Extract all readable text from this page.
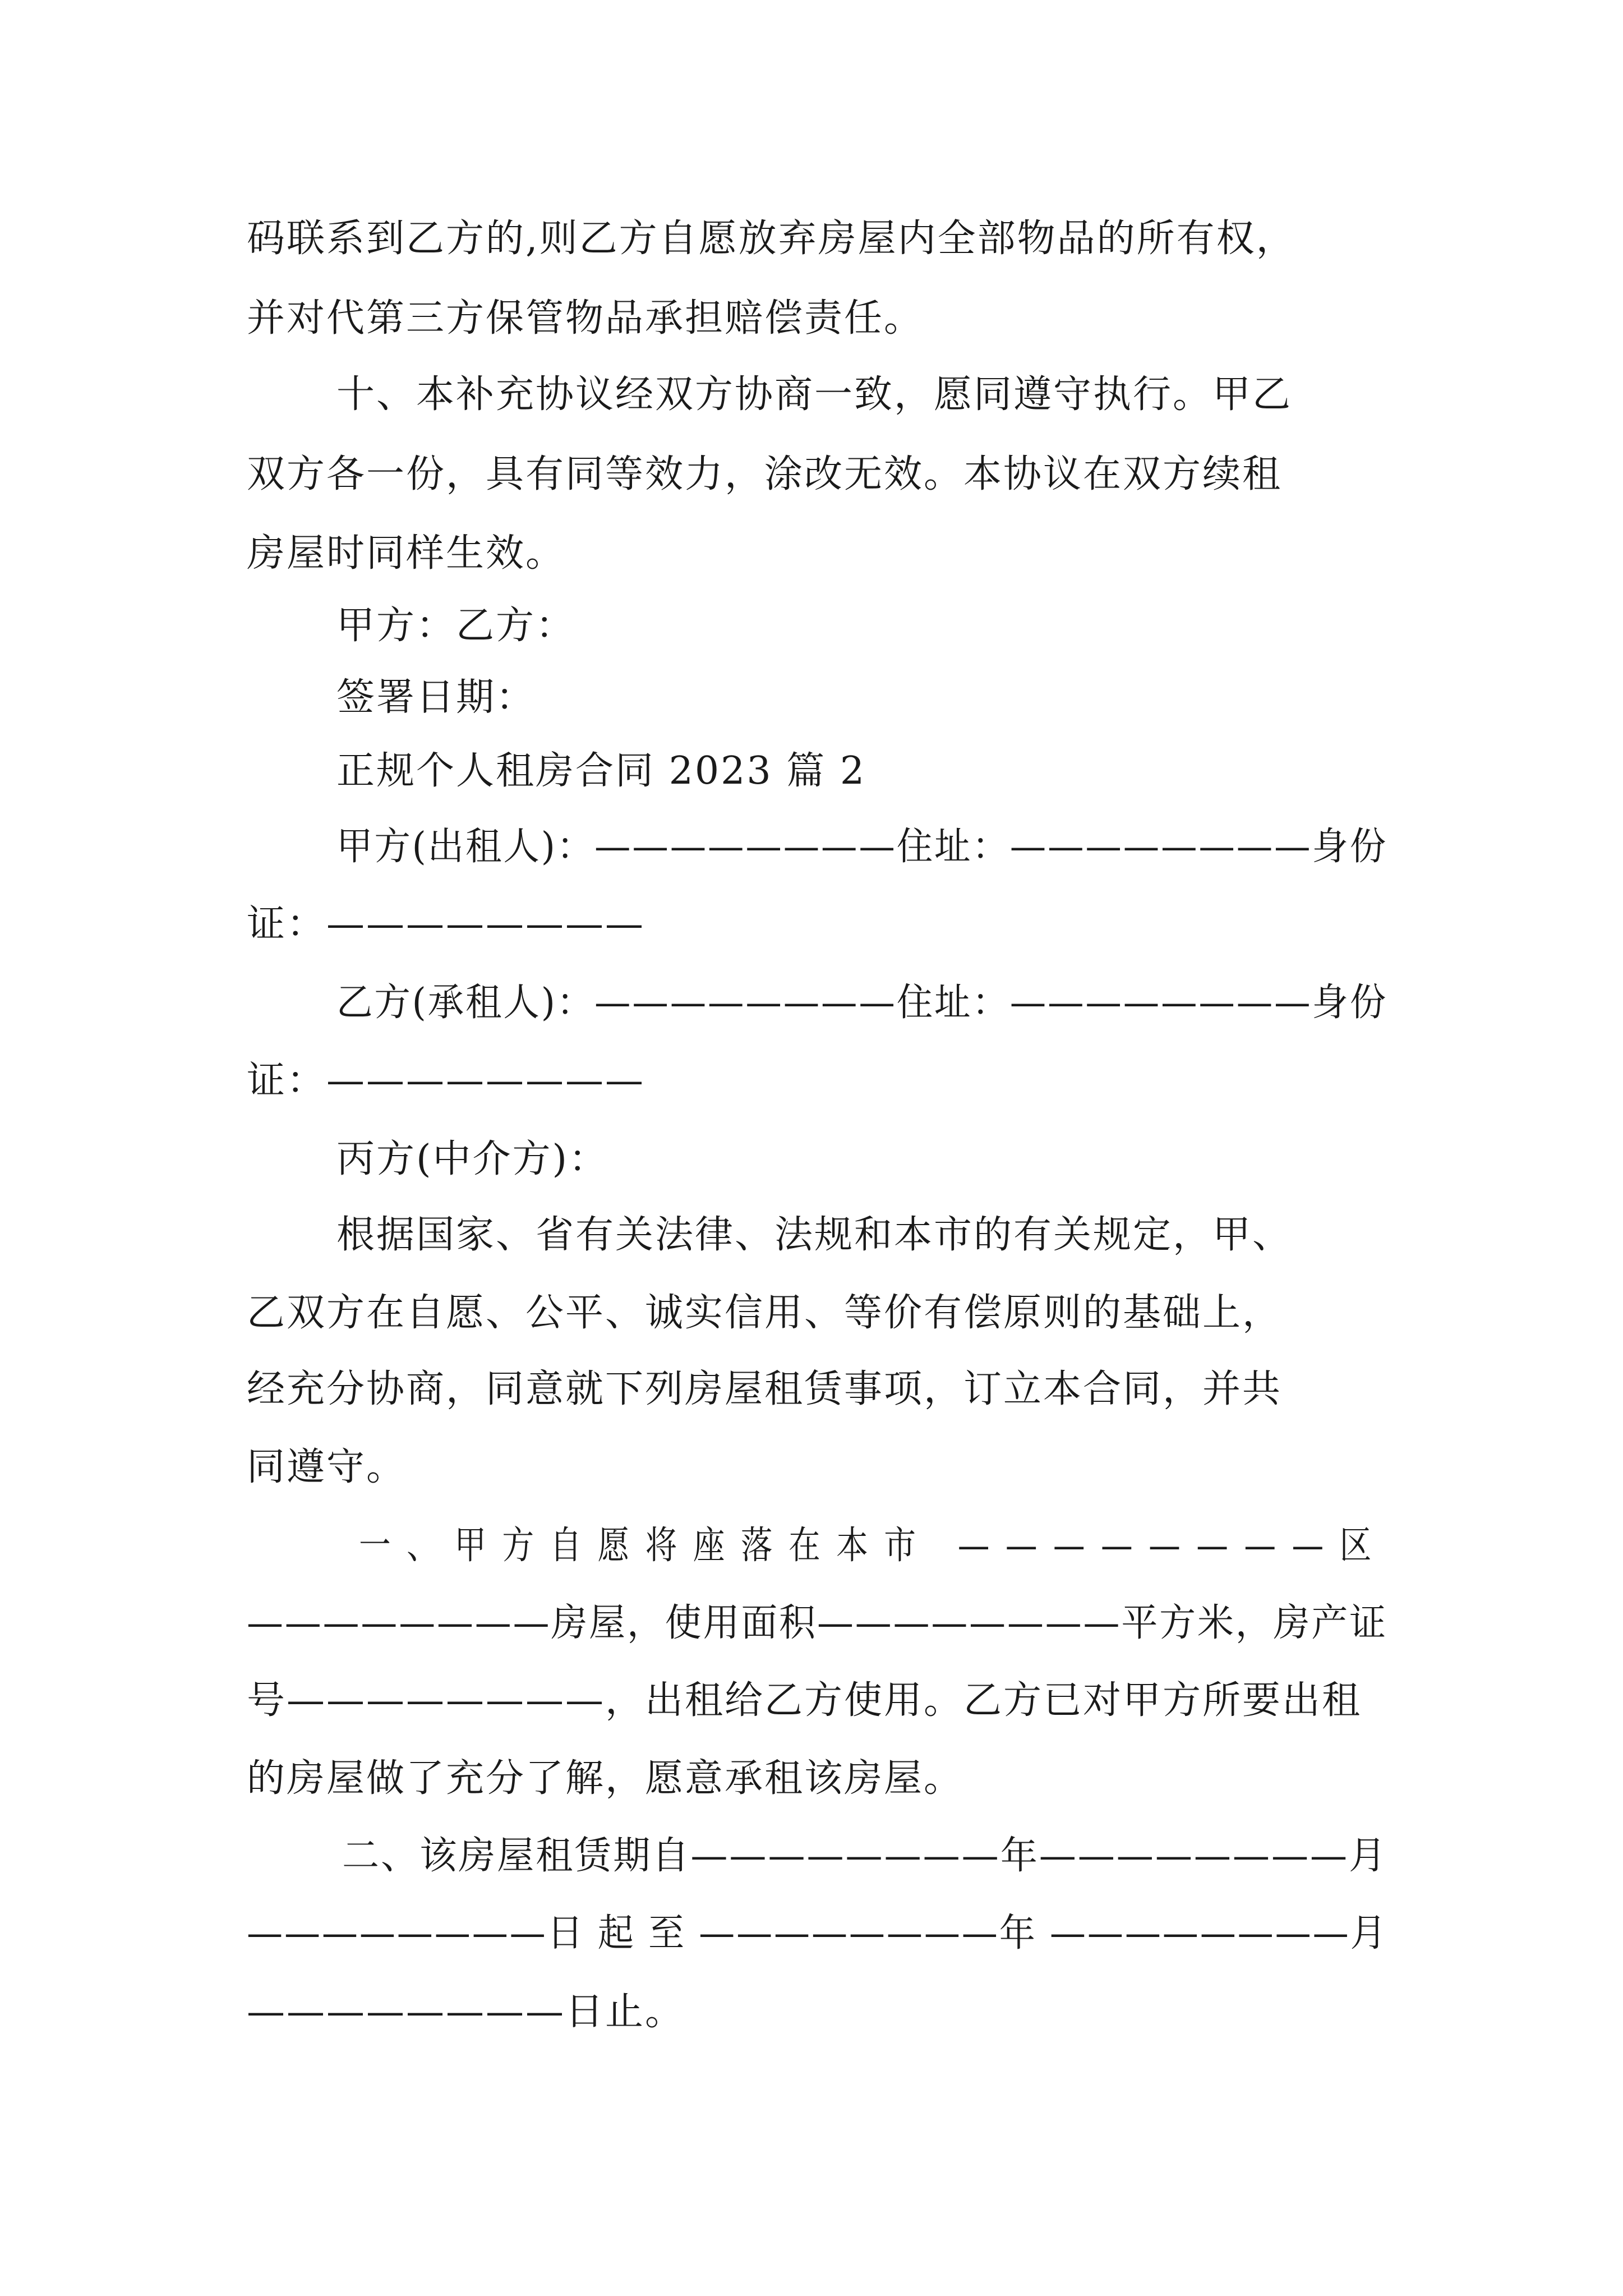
码联系到乙方的,则乙方自愿放弃房屋内全部物品的所有权，
并对代第三方保管物品承担赔偿责任。
十、本补充协议经双方协商一致，愿同遵守执行。甲乙
双方各一份，具有同等效力，涂改无效。本协议在双方续租
房屋时同样生效。
甲方：乙方：
签署日期：
正规个人租房合同 2023 篇 2
甲方(出租人)：————————住址：————————身份
证：————————
乙方(承租人)：————————住址：————————身份
证：————————
丙方(中介方)：
根据国家、省有关法律、法规和本市的有关规定，甲、
乙双方在自愿、公平、诚实信用、等价有偿原则的基础上，
经充分协商，同意就下列房屋租赁事项，订立本合同，并共
同遵守。
一、甲方自愿将座落在本市 ————————区
————————房屋，使用面积————————平方米，房产证
号————————，出租给乙方使用。乙方已对甲方所要出租
的房屋做了充分了解，愿意承租该房屋。
二、该房屋租赁期自————————年————————月
————————日 起 至 ————————年 ————————月
————————日止。
